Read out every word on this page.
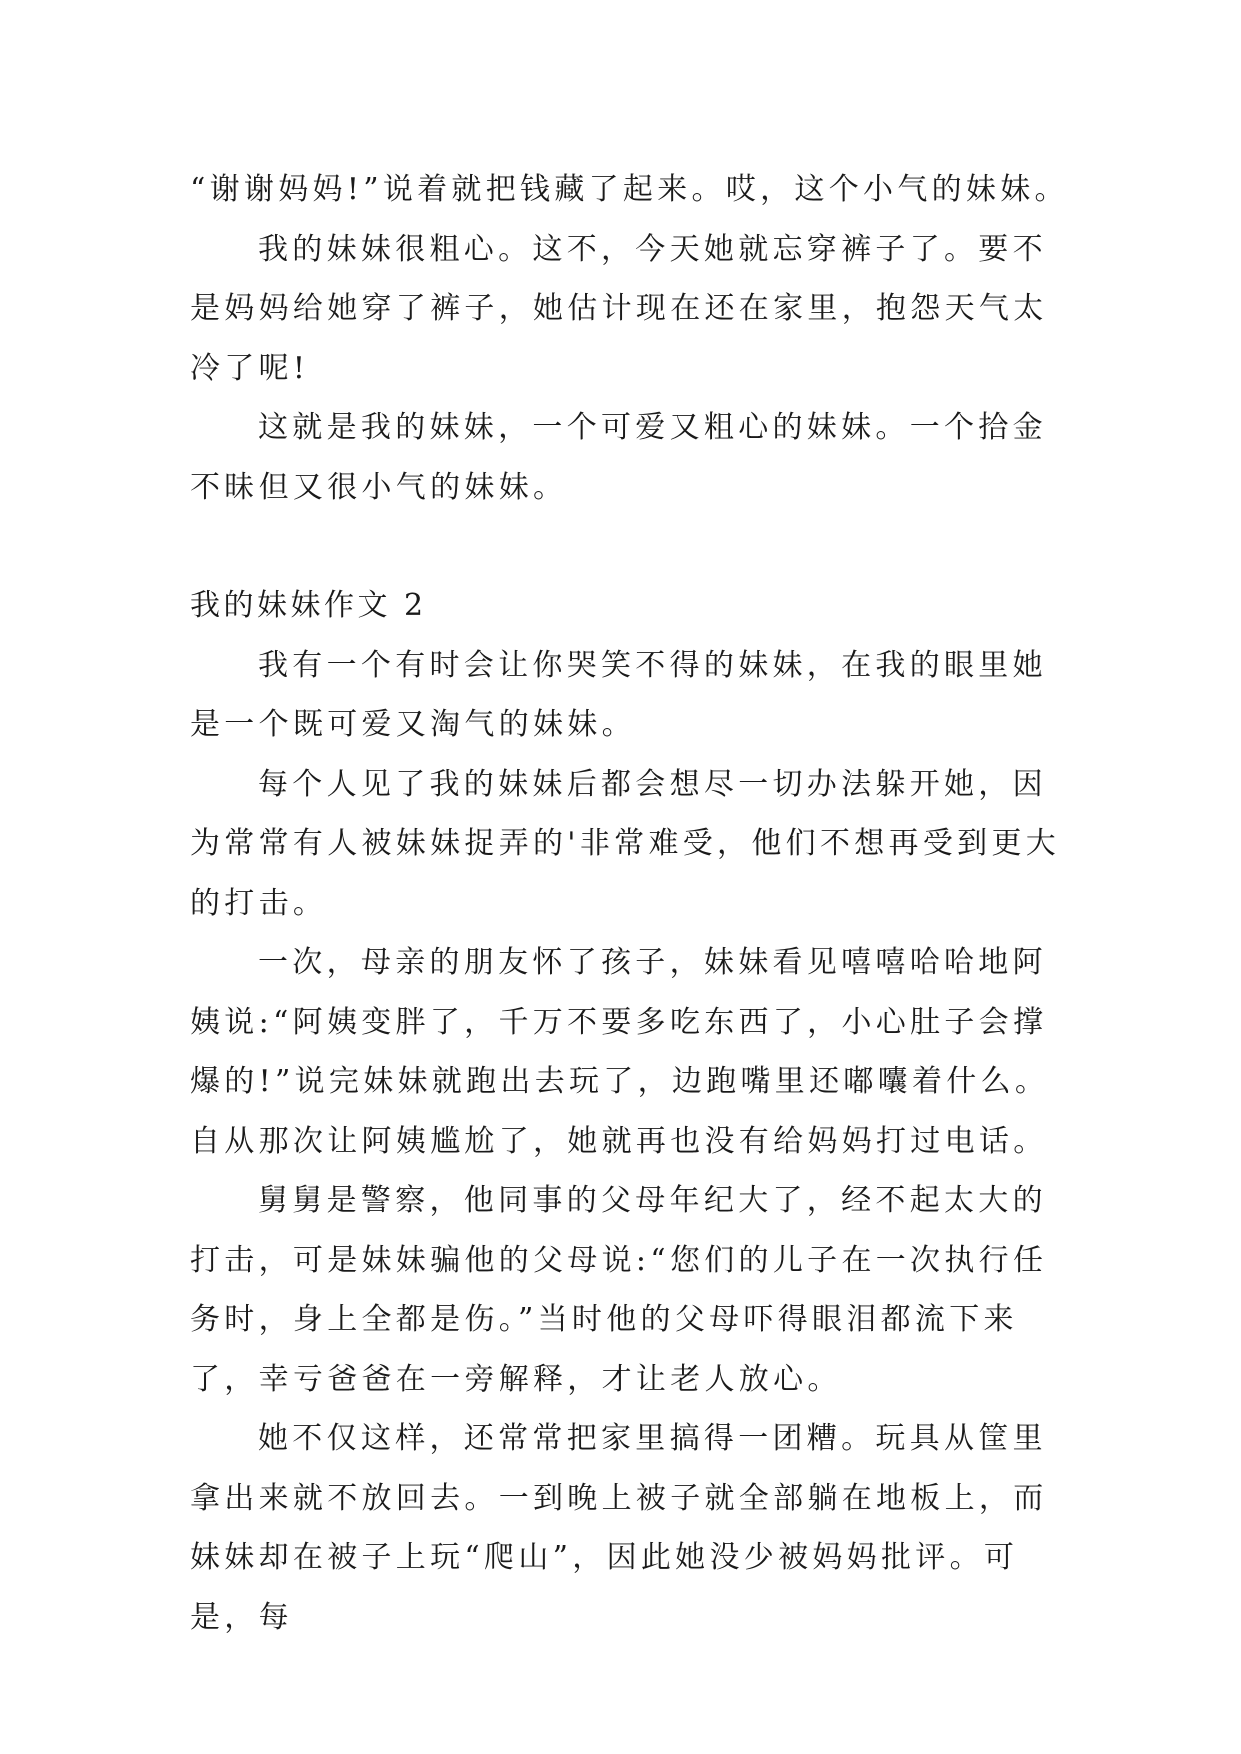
“谢谢妈妈!”说着就把钱藏了起来。哎，这个小气的妹妹。

我的妹妹很粗心。这不，今天她就忘穿裤子了。要不是妈妈给她穿了裤子，她估计现在还在家里，抱怨天气太冷了呢!

这就是我的妹妹，一个可爱又粗心的妹妹。一个拾金不昧但又很小气的妹妹。

我的妹妹作文 2

我有一个有时会让你哭笑不得的妹妹，在我的眼里她是一个既可爱又淘气的妹妹。

每个人见了我的妹妹后都会想尽一切办法躲开她，因为常常有人被妹妹捉弄的'非常难受，他们不想再受到更大的打击。

一次，母亲的朋友怀了孩子，妹妹看见嘻嘻哈哈地阿姨说:“阿姨变胖了，千万不要多吃东西了，小心肚子会撑爆的!”说完妹妹就跑出去玩了，边跑嘴里还嘟囔着什么。自从那次让阿姨尴尬了，她就再也没有给妈妈打过电话。

舅舅是警察，他同事的父母年纪大了，经不起太大的打击，可是妹妹骗他的父母说:“您们的儿子在一次执行任务时，身上全都是伤。”当时他的父母吓得眼泪都流下来了，幸亏爸爸在一旁解释，才让老人放心。

她不仅这样，还常常把家里搞得一团糟。玩具从筐里拿出来就不放回去。一到晚上被子就全部躺在地板上，而妹妹却在被子上玩“爬山”，因此她没少被妈妈批评。可是，每
